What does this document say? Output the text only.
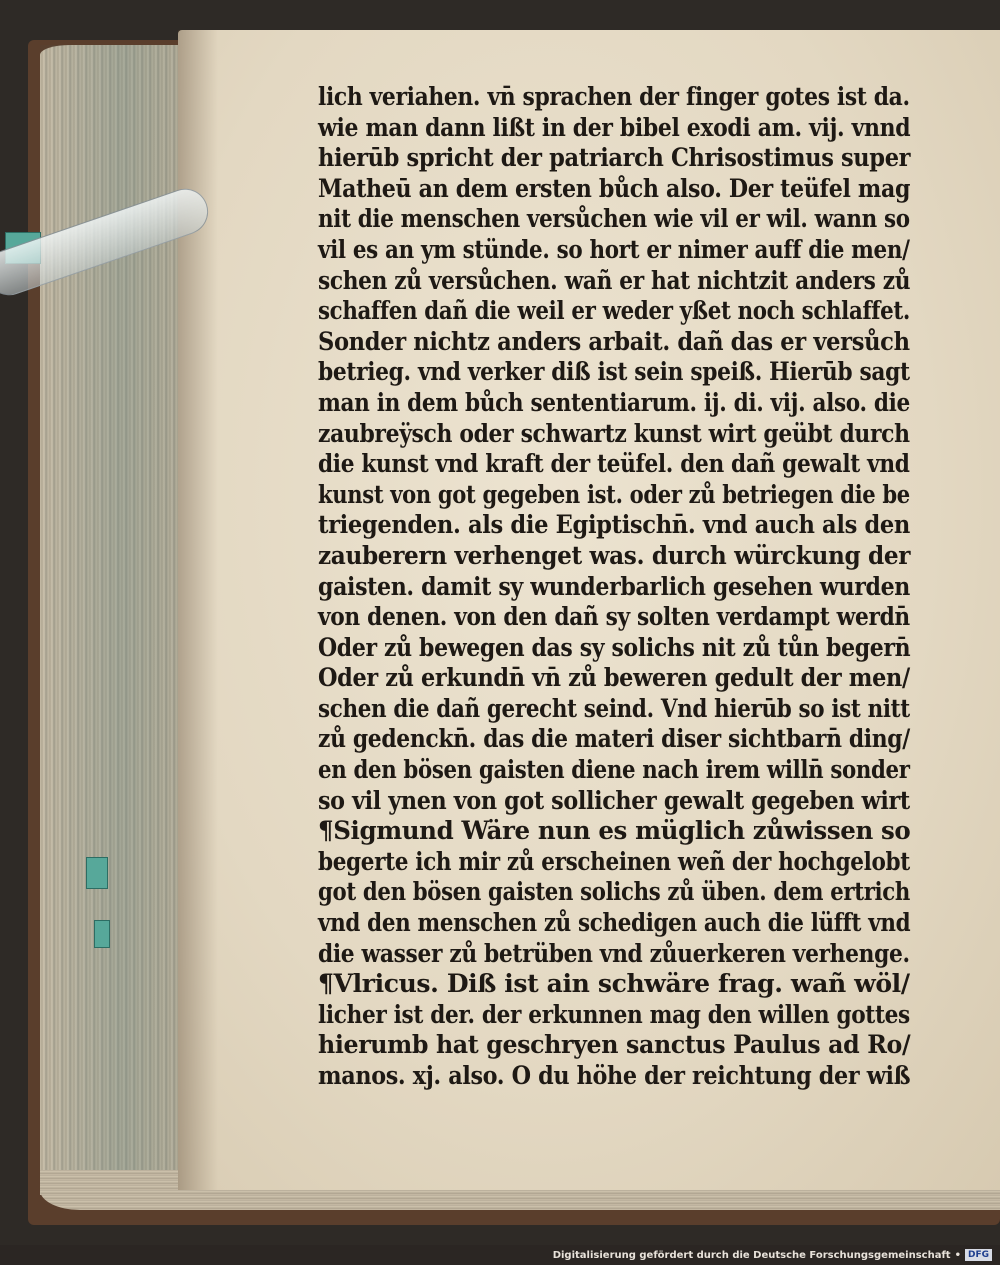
lich veriahen. vn̄ sprachen der finger gotes ist da.
wie man dann lißt in der bibel exodi am. vij. vnnd
hierūb spricht der patriarch Chrisostimus super
Matheū an dem ersten bůch also. Der teüfel mag
nit die menschen versůchen wie vil er wil. wann so
vil es an ym stünde. so hort er nimer auff die men/
schen zů versůchen. wañ er hat nichtzit anders zů
schaffen dañ die weil er weder yßet noch schlaffet.
Sonder nichtz anders arbait. dañ das er versůch
betrieg. vnd verker diß ist sein speiß. Hierūb sagt
man in dem bůch sententiarum. ij. di. vij. also. die
zaubreÿsch oder schwartz kunst wirt geübt durch
die kunst vnd kraft der teüfel. den dañ gewalt vnd
kunst von got gegeben ist. oder zů betriegen die be
triegenden. als die Egiptischn̄. vnd auch als den
zauberern verhenget was. durch würckung der
gaisten. damit sy wunderbarlich gesehen wurden
von denen. von den dañ sy solten verdampt werdn̄
Oder zů bewegen das sy solichs nit zů tůn begern̄
Oder zů erkundn̄ vn̄ zů beweren gedult der men/
schen die dañ gerecht seind. Vnd hierūb so ist nitt
zů gedenckn̄. das die materi diser sichtbarn̄ ding/
en den bösen gaisten diene nach irem willn̄ sonder
so vil ynen von got sollicher gewalt gegeben wirt
¶Sigmund Wäre nun es müglich zůwissen so
begerte ich mir zů erscheinen weñ der hochgelobt
got den bösen gaisten solichs zů üben. dem ertrich
vnd den menschen zů schedigen auch die lüfft vnd
die wasser zů betrüben vnd zůuerkeren verhenge.
¶Vlricus. Diß ist ain schwäre frag. wañ wöl/
licher ist der. der erkunnen mag den willen gottes
hierumb hat geschryen sanctus Paulus ad Ro/
manos. xj. also. O du höhe der reichtung der wiß
Digitalisierung gefördert durch die Deutsche Forschungsgemeinschaft • DFG
